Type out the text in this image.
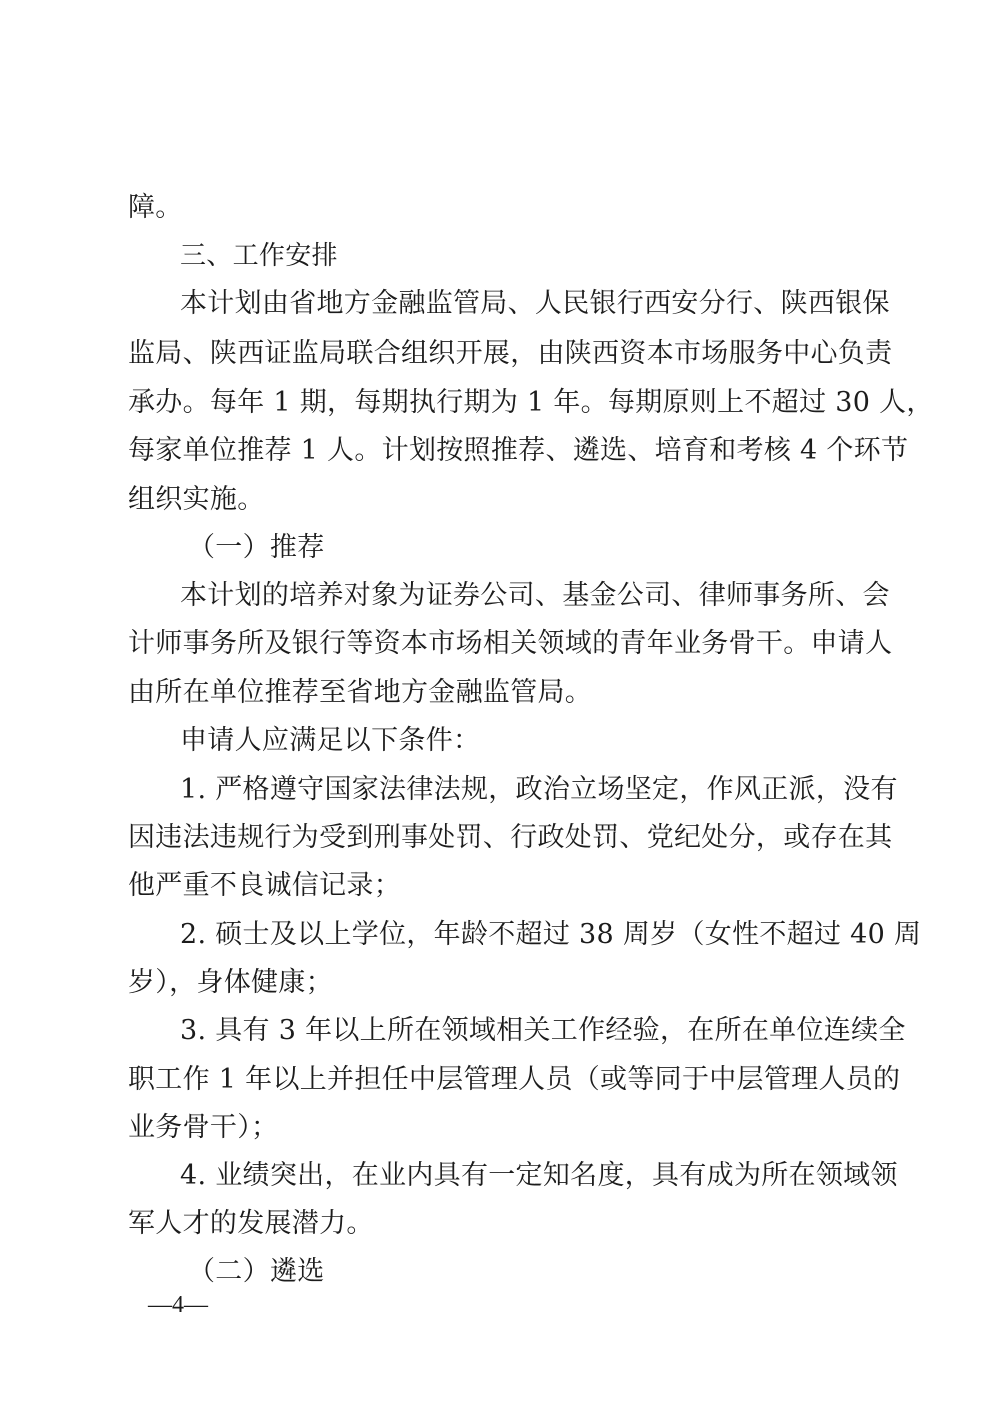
障。
三、工作安排
本计划由省地方金融监管局、人民银行西安分行、陕西银保
监局、陕西证监局联合组织开展，由陕西资本市场服务中心负责
承办。每年 1 期，每期执行期为 1 年。每期原则上不超过 30 人，
每家单位推荐 1 人。计划按照推荐、遴选、培育和考核 4 个环节
组织实施。
（一）推荐
本计划的培养对象为证券公司、基金公司、律师事务所、会
计师事务所及银行等资本市场相关领域的青年业务骨干。申请人
由所在单位推荐至省地方金融监管局。
申请人应满足以下条件：
1. 严格遵守国家法律法规，政治立场坚定，作风正派，没有
因违法违规行为受到刑事处罚、行政处罚、党纪处分，或存在其
他严重不良诚信记录；
2. 硕士及以上学位，年龄不超过 38 周岁（女性不超过 40 周
岁），身体健康；
3. 具有 3 年以上所在领域相关工作经验，在所在单位连续全
职工作 1 年以上并担任中层管理人员（或等同于中层管理人员的
业务骨干）；
4. 业绩突出，在业内具有一定知名度，具有成为所在领域领
军人才的发展潜力。
（二）遴选
—4—
